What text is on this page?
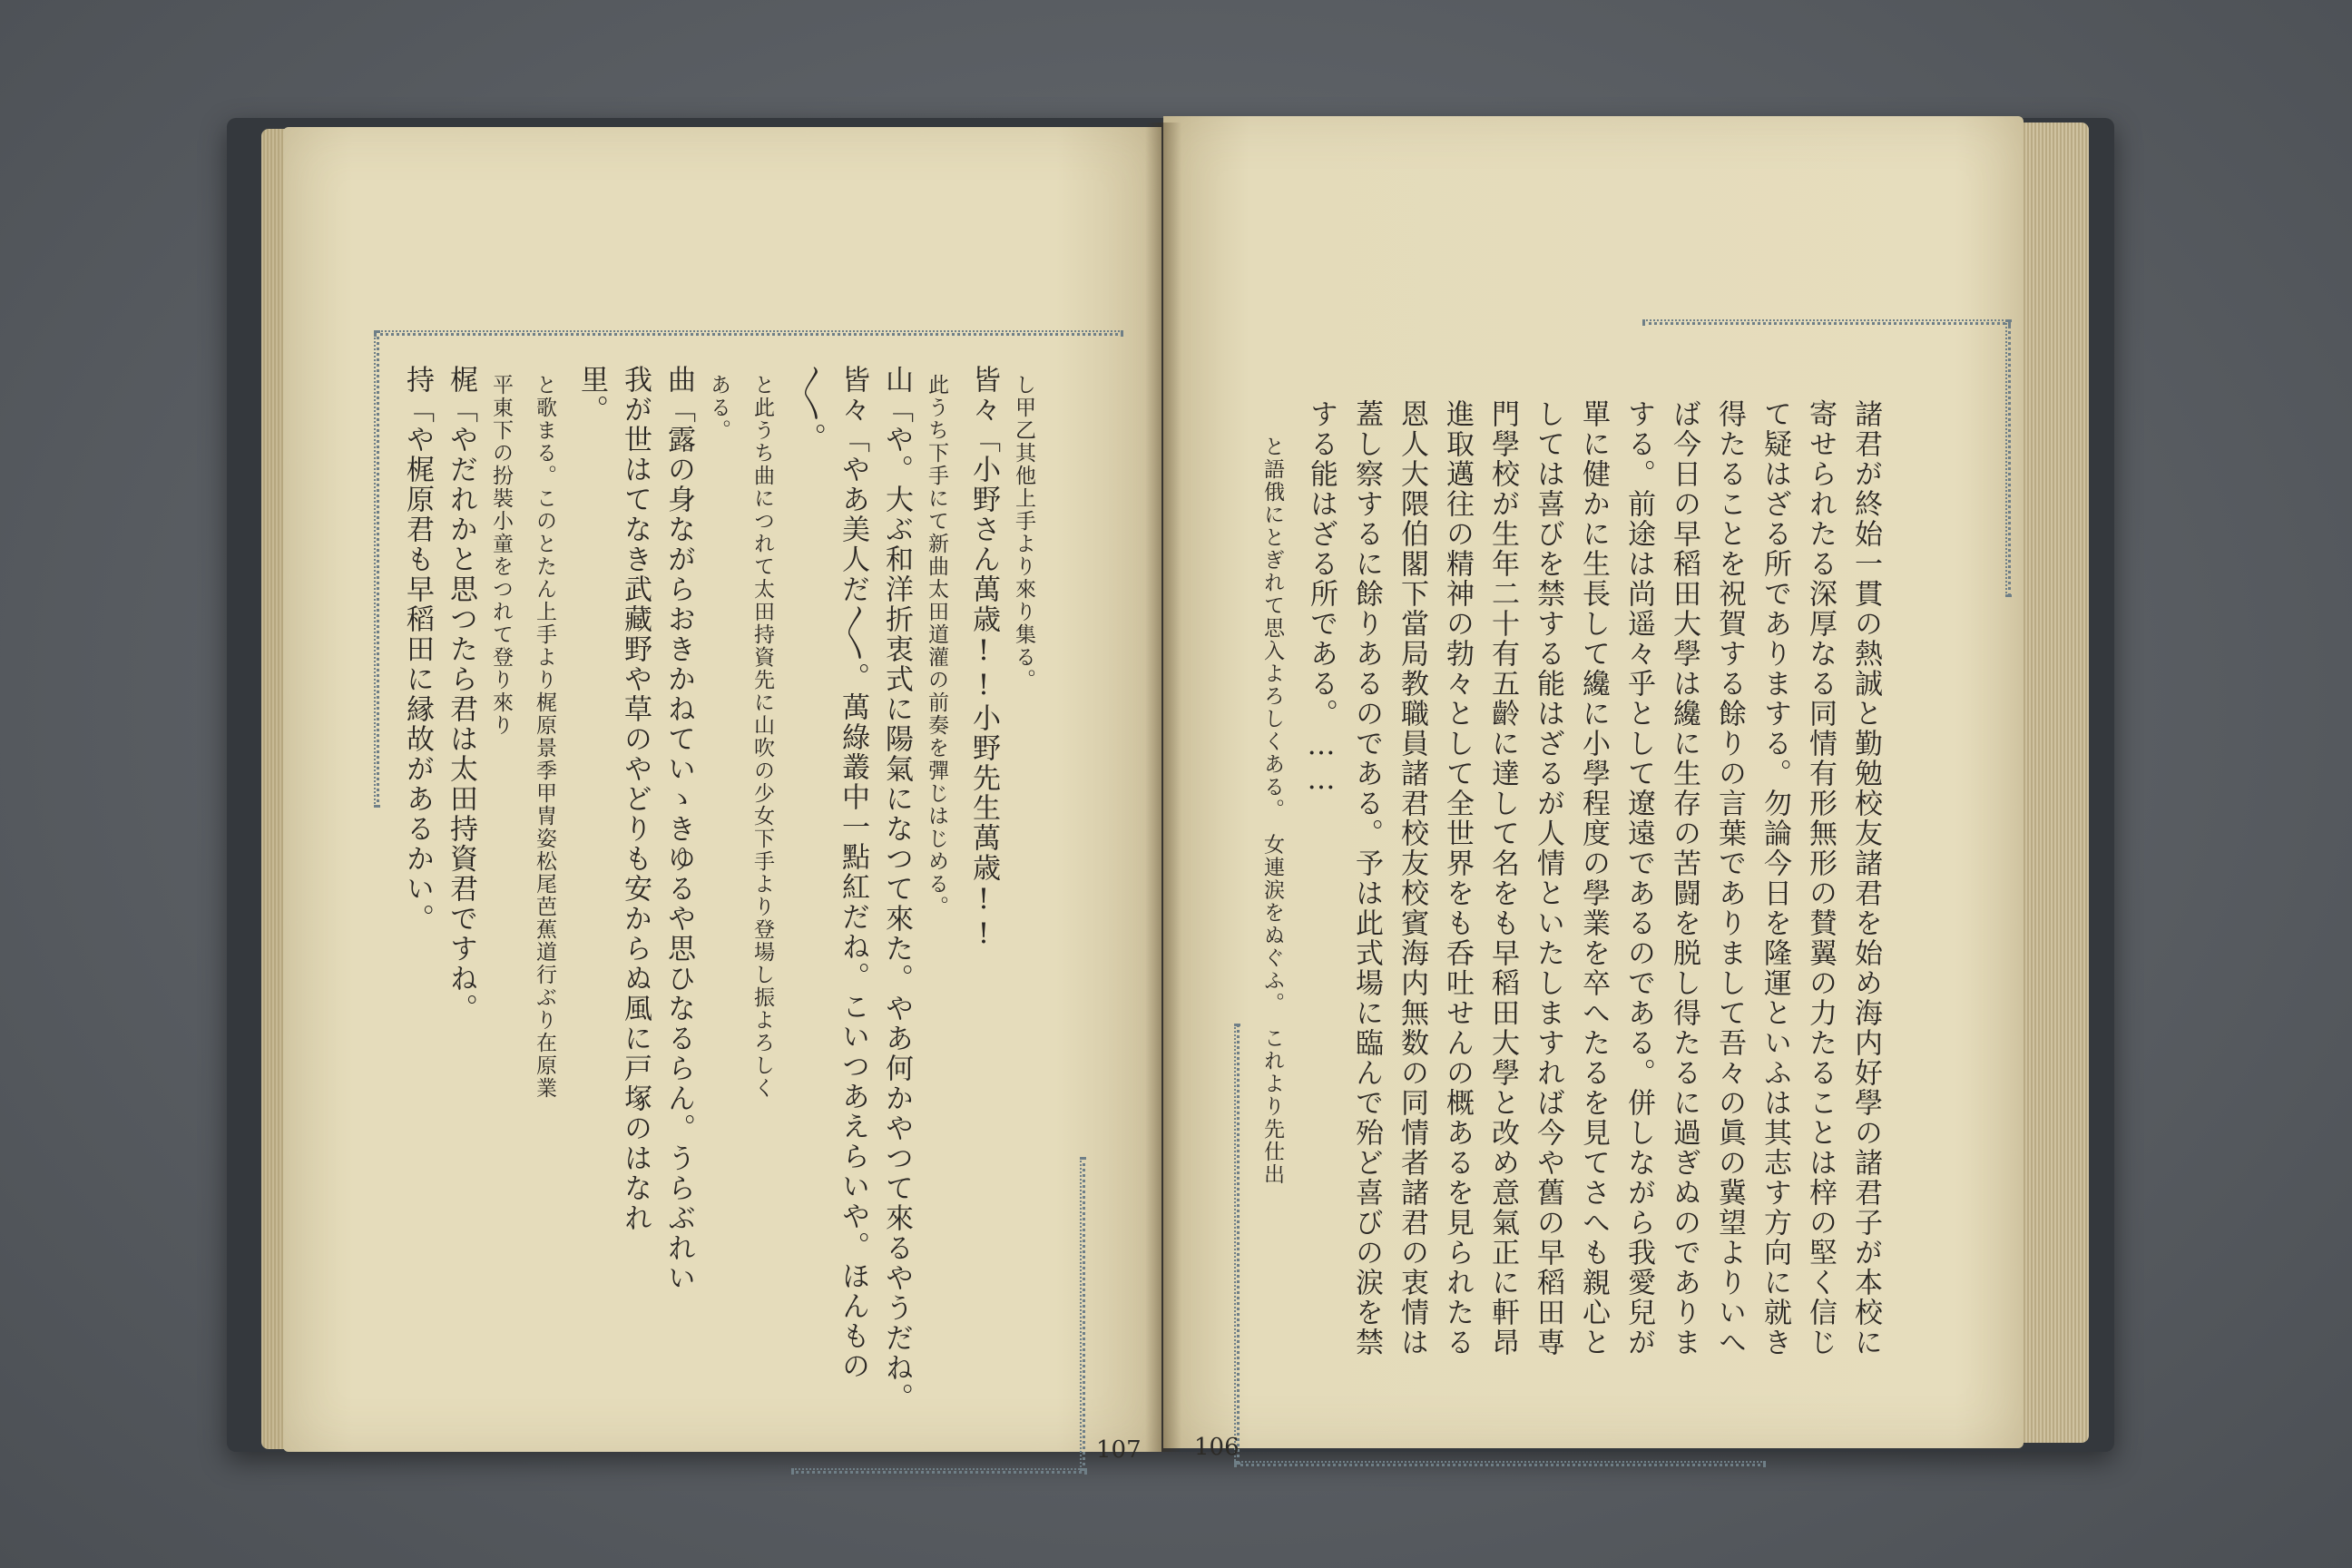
107
し甲乙其他上手より來り集る。
皆々「小野さん萬歳!!小野先生萬歳!!
此うち下手にて新曲太田道灌の前奏を彈じはじめる。
山「や。大ぶ和洋折衷式に陽氣になつて來た。やあ何かやつて來るやうだね。
皆々「やあ美人だ〳〵。萬綠叢中一點紅だね。こいつあえらいや。ほんもの
〳〵。
と此うち曲につれて太田持資先に山吹の少女下手より登場し振よろしく
ある。
曲「露の身ながらおきかねていゝきゆるや思ひなるらん。うらぶれい
我が世はてなき武藏野や草のやどりも安からぬ風に戸塚のはなれ
里。
と歌まる。このとたん上手より梶原景季甲冑姿松尾芭蕉道行ぶり在原業
平東下の扮裝小童をつれて登り來り
梶「やだれかと思つたら君は太田持資君ですね。
持「や梶原君も早稻田に縁故があるかい。
106
諸君が終始一貫の熱誠と勤勉校友諸君を始め海内好學の諸君子が本校に
寄せられたる深厚なる同情有形無形の賛翼の力たることは梓の堅く信じ
て疑はざる所でありまする。勿論今日を隆運といふは其志す方向に就き
得たることを祝賀する餘りの言葉でありまして吾々の眞の冀望よりいへ
ば今日の早稻田大學は纔に生存の苦闘を脱し得たるに過ぎぬのでありま
する。前途は尚遥々乎として遼遠であるのである。併しながら我愛兒が
單に健かに生長して纔に小學程度の學業を卒へたるを見てさへも親心と
しては喜びを禁する能はざるが人情といたしますれば今や舊の早稻田専
門學校が生年二十有五齡に達して名をも早稻田大學と改め意氣正に軒昂
進取邁往の精神の勃々として全世界をも呑吐せんの概あるを見られたる
恩人大隈伯閣下當局教職員諸君校友校賓海内無数の同情者諸君の衷情は
蓋し察するに餘りあるのである。予は此式場に臨んで殆ど喜びの涙を禁
する能はざる所である。……
と語俄にとぎれて思入よろしくある。　女連涙をぬぐふ。　これより先仕出
